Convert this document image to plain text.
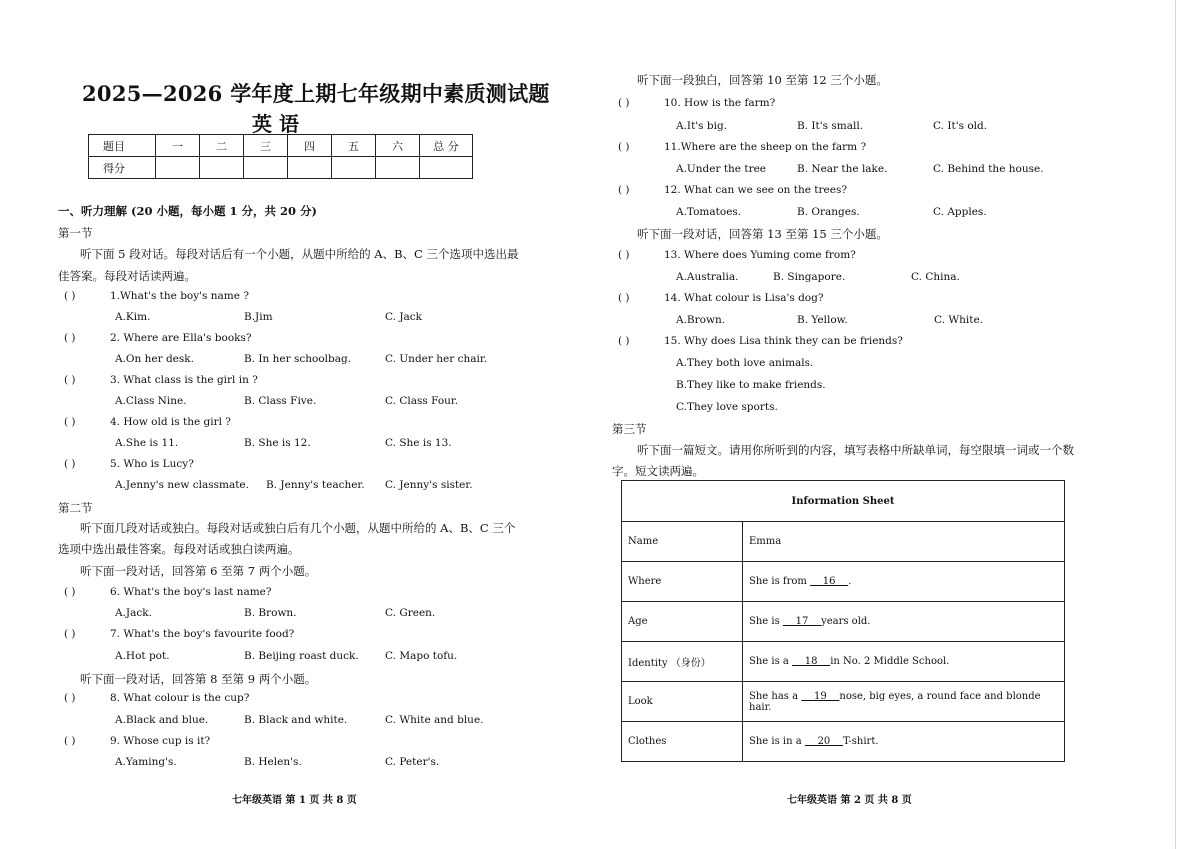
2025—2026 学年度上期七年级期中素质测试题
英 语
题目	一	二	三	四	五	六	总 分
得分							
一、听力理解 (20 小题，每小题 1 分，共 20 分)
第一节
听下面 5 段对话。每段对话后有一个小题，从题中所给的 A、B、C 三个选项中选出最
佳答案。每段对话读两遍。
( )	1.What's the boy's name ?
A.Kim.	B.Jim	C. Jack
( )	2. Where are Ella's books?
A.On her desk.	B. In her schoolbag.	C. Under her chair.
( )	3. What class is the girl in ?
A.Class Nine.	B. Class Five.	C. Class Four.
( )	4. How old is the girl ?
A.She is 11.	B. She is 12.	C. She is 13.
( )	5. Who is Lucy?
A.Jenny's new classmate. B. Jenny's teacher. C. Jenny's sister.
第二节
听下面几段对话或独白。每段对话或独白后有几个小题，从题中所给的 A、B、C 三个
选项中选出最佳答案。每段对话或独白读两遍。
听下面一段对话，回答第 6 至第 7 两个小题。
( )	6. What's the boy's last name?
A.Jack.	B. Brown.	C. Green.
( )	7. What's the boy's favourite food?
A.Hot pot.	B. Beijing roast duck.	C. Mapo tofu.
听下面一段对话，回答第 8 至第 9 两个小题。
( )	8. What colour is the cup?
A.Black and blue.	B. Black and white.	C. White and blue.
( )	9. Whose cup is it?
A.Yaming's.	B. Helen's.	C. Peter's.
七年级英语 第 1 页 共 8 页
听下面一段独白，回答第 10 至第 12 三个小题。
( )	10. How is the farm?
A.It's big.	B. It's small.	C. It's old.
( )	11.Where are the sheep on the farm ?
A.Under the tree	B. Near the lake.	C. Behind the house.
( )	12. What can we see on the trees?
A.Tomatoes.	B. Oranges.	C. Apples.
听下面一段对话，回答第 13 至第 15 三个小题。
( )	13. Where does Yuming come from?
A.Australia.	B. Singapore.	C. China.
( )	14. What colour is Lisa's dog?
A.Brown.	B. Yellow.	C. White.
( )	15. Why does Lisa think they can be friends?
A.They both love animals.
B.They like to make friends.
C.They love sports.
第三节
听下面一篇短文。请用你所听到的内容，填写表格中所缺单词，每空限填一词或一个数
字。短文读两遍。
七年级英语 第 2 页 共 8 页
Information Sheet	
Name	Emma
Where	She is from     16    .
Age	She is     17    years old.
Identity （身份）	She is a     18    in No. 2 Middle School.
Look	She has a     19    nose, big eyes, a round face and blonde hair.
Clothes	She is in a     20    T-shirt.
